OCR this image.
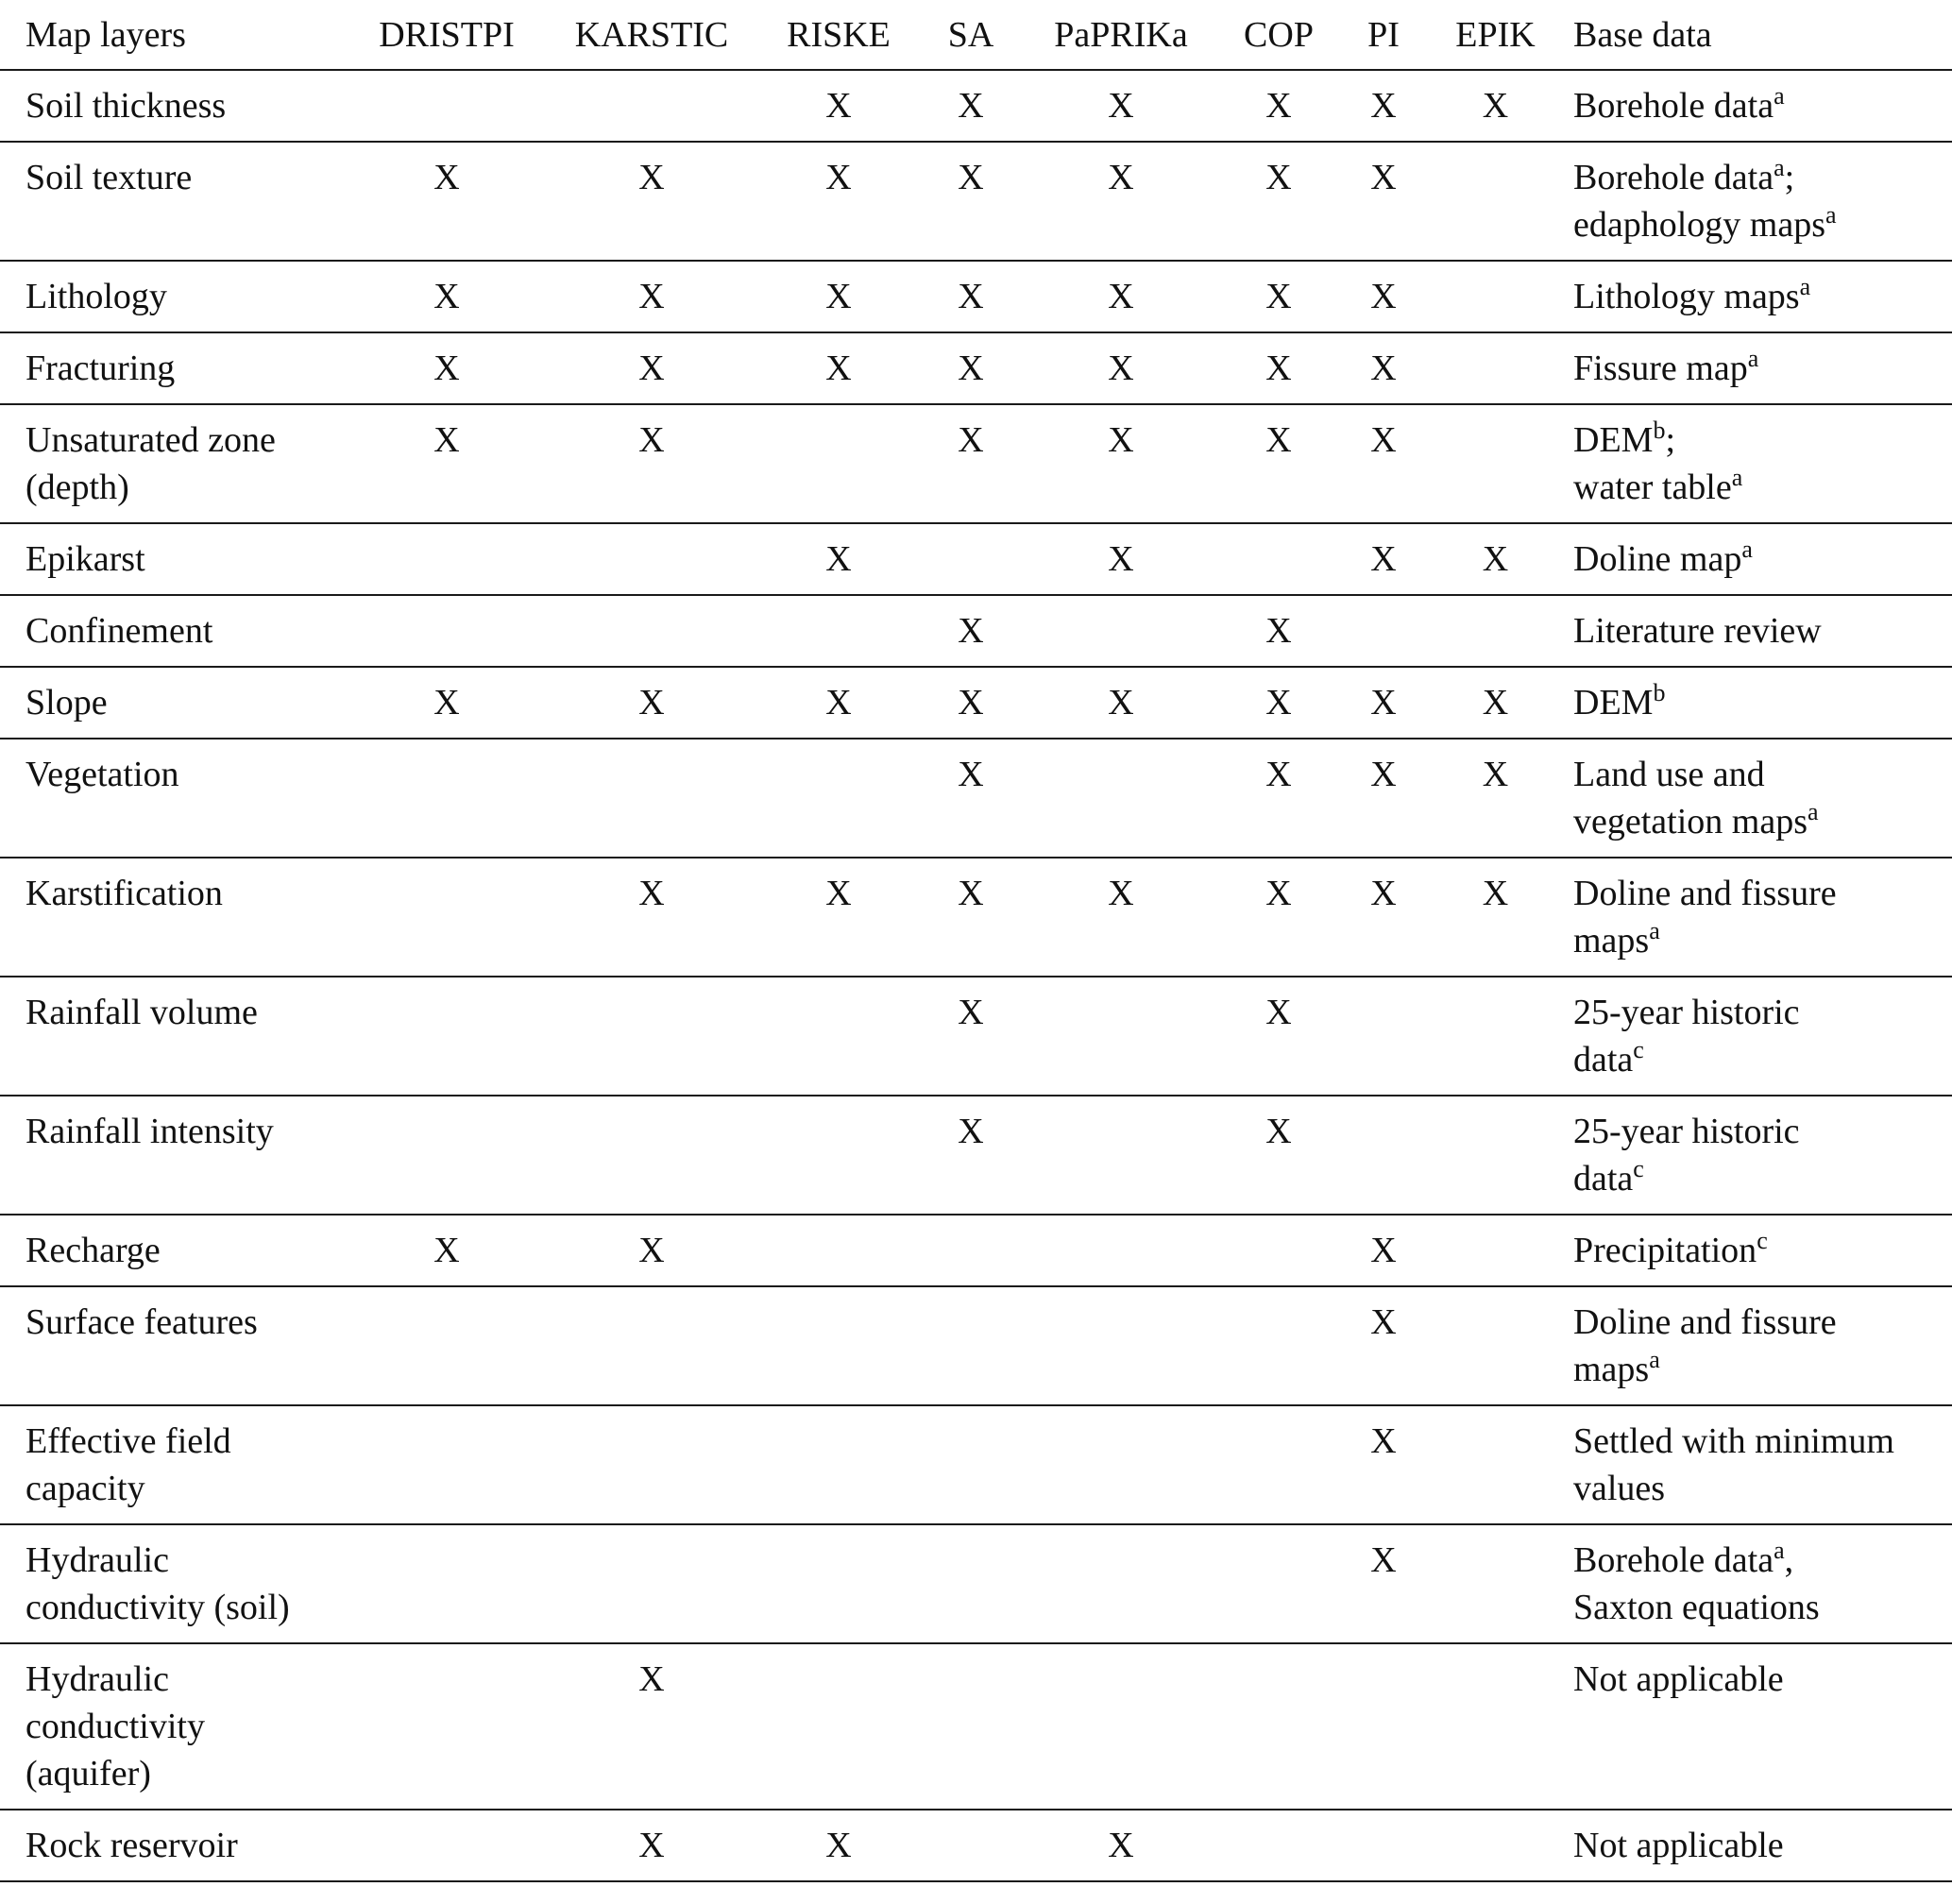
Map layers	DRISTPI	KARSTIC	RISKE	SA	PaPRIKa	COP	PI	EPIK	Base data

Soil thickness			X	X	X	X	X	X	Borehole data$^a$

Soil texture	X	X	X	X	X	X	X		Borehole data$^a$;
edaphology maps$^a$

Lithology	X	X	X	X	X	X	X		Lithology maps$^a$

Fracturing	X	X	X	X	X	X	X		Fissure map$^a$

Unsaturated zone
(depth)	X	X		X	X	X	X		DEM$^b$;
water table$^a$

Epikarst			X		X		X	X	Doline map$^a$

Confinement				X		X			Literature review

Slope	X	X	X	X	X	X	X	X	DEM$^b$

Vegetation				X		X	X	X	Land use and
vegetation maps$^a$

Karstification		X	X	X	X	X	X	X	Doline and fissure
maps$^a$

Rainfall volume				X		X			25-year historic
data$^c$

Rainfall intensity				X		X			25-year historic
data$^c$

Recharge	X	X					X		Precipitation$^c$

Surface features							X		Doline and fissure
maps$^a$

Effective field
capacity							X		Settled with minimum
values

Hydraulic
conductivity (soil)							X		Borehole data$^a$,
Saxton equations

Hydraulic
conductivity
(aquifer)		X							Not applicable

Rock reservoir		X	X		X				Not applicable
